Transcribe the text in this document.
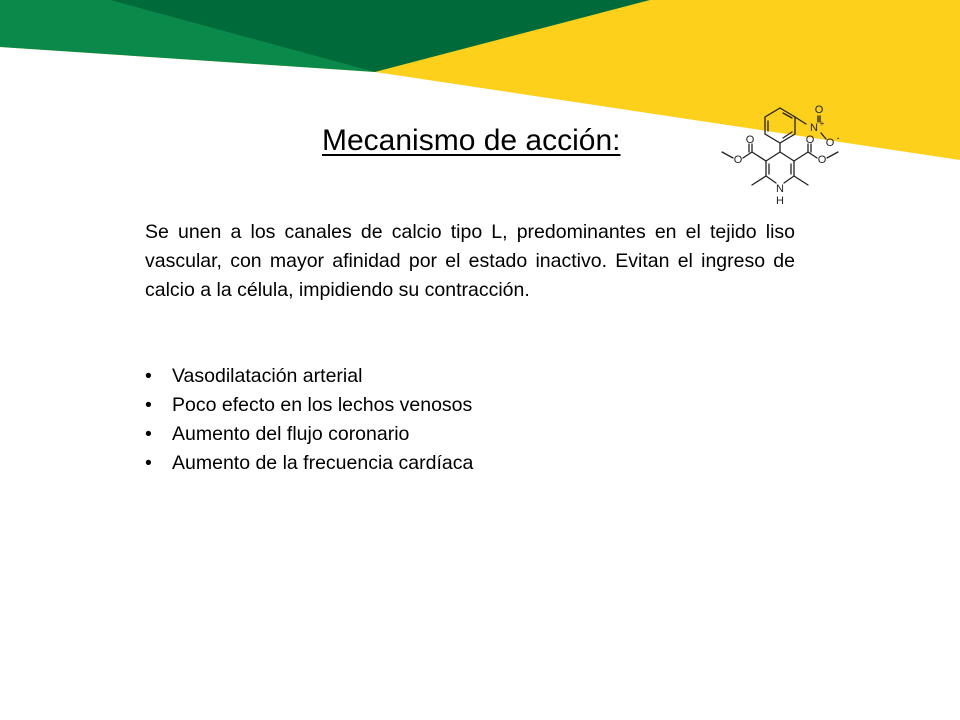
Mecanismo de acción:
O
N +
O -
O
O
O
O
N
H

Se unen a los canales de calcio tipo L, predominantes en el tejido liso vascular, con mayor afinidad por el estado inactivo. Evitan el ingreso de calcio a la célula, impidiendo su contracción.

• Vasodilatación arterial
• Poco efecto en los lechos venosos
• Aumento del flujo coronario
• Aumento de la frecuencia cardíaca
